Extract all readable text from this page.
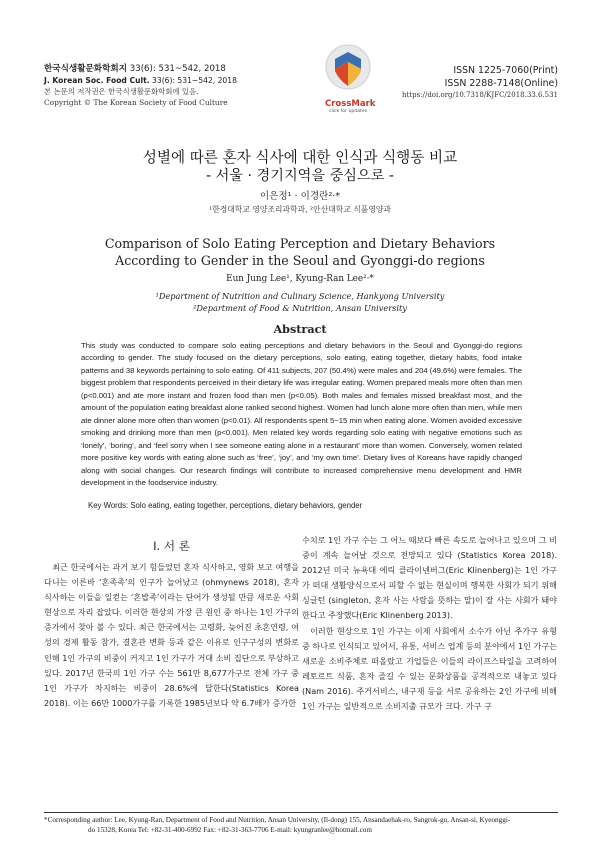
한국식생활문화학회지 33(6): 531~542, 2018
J. Korean Soc. Food Cult. 33(6): 531~542, 2018
본 논문의 저작권은 한국식생활문화학회에 있음.
Copyright © The Korean Society of Food Culture	CrossMark
click for updates
ISSN 1225-7060(Print)
ISSN 2288-7148(Online)
https://doi.org/10.7318/KJFC/2018.33.6.531
성별에 따른 혼자 식사에 대한 인식과 식행동 비교
- 서울 · 경기지역을 중심으로 -
이은정¹ · 이경란²·*
¹한경대학교 영양조리과학과, ²안산대학교 식품영양과
Comparison of Solo Eating Perception and Dietary Behaviors
According to Gender in the Seoul and Gyonggi-do regions
Eun Jung Lee¹, Kyung-Ran Lee²·*
¹Department of Nutrition and Culinary Science, Hankyong University
²Department of Food & Nutrition, Ansan University
Abstract

This study was conducted to compare solo eating perceptions and dietary behaviors in the Seoul and Gyonggi-do regions according to gender. The study focused on the dietary perceptions, solo eating, eating together, dietary habits, food intake patterns and 38 keywords pertaining to solo eating. Of 411 subjects, 207 (50.4%) were males and 204 (49.6%) were females. The biggest problem that respondents perceived in their dietary life was irregular eating. Women prepared meals more often than men (p<0.001) and ate more instant and frozen food than men (p<0.05). Both males and females missed breakfast most, and the amount of the population eating breakfast alone ranked second highest. Women had lunch alone more often than men, while men ate dinner alone more often than women (p<0.01). All respondents spent 5~15 min when eating alone. Women avoided excessive smoking and drinking more than men (p<0.001). Men related key words regarding solo eating with negative emotions such as ‘lonely’, ‘boring’, and ‘feel sorry when I see someone eating alone in a restaurant’ more than women. Conversely, women related more positive key words with eating alone such as ‘free’, ‘joy’, and ‘my own time’. Dietary lives of Koreans have rapidly changed along with social changes. Our research findings will contribute to increased comprehensive menu development and HMR development in the foodservice industry.

Key Words: Solo eating, eating together, perceptions, dietary behaviors, gender
I. 서 론

최근 한국에서는 과거 보기 힘들었던 혼자 식사하고, 영화 보고 여행을 다니는 이른바 ‘혼족족’의 인구가 늘어났고 (ohmynews 2018), 혼자 식사하는 이들을 일컫는 ‘혼밥족’이라는 단어가 생성될 만큼 새로운 사회현상으로 자리 잡았다. 이러한 현상의 가장 큰 원인 중 하나는 1인 가구의 증가에서 찾아 볼 수 있다. 최근 한국에서는 고령화, 늦어진 초혼연령, 여성의 경제 활동 참가, 결혼관 변화 등과 같은 이유로 인구구성의 변화로 인해 1인 가구의 비중이 커지고 1인 가구가 거대 소비 집단으로 부상하고 있다. 2017년 한국의 1인 가구 수는 561만 8,677가구로 전체 가구 중 1인 가구가 차지하는 비중이 28.6%에 달한다(Statistics Korea 2018). 이는 66만 1000가구를 기록한 1985년보다 약 6.7배가 증가한

수치로 1인 가구 수는 그 어느 때보다 빠른 속도로 늘어나고 있으며 그 비중이 계속 늘어날 것으로 전망되고 있다 (Statistics Korea 2018). 2012년 미국 뉴욕대 에릭 클라이넨버그(Eric Klinenberg)는 1인 가구가 떠대 생활양식으로서 피할 수 없는 현실이며 행복한 사회가 되기 위해 싱글턴 (singleton, 혼자 사는 사람을 뜻하는 말)이 잘 사는 사회가 돼야 한다고 주장했다(Eric Klinenberg 2013).

이러한 현상으로 1인 가구는 이제 사회에서 소수가 아닌 주가구 유형 중 하나로 인식되고 있어서, 유통, 서비스 업계 등의 분야에서 1인 가구는 새로운 소비주체로 떠올랐고 기업들은 이들의 라이프스타일을 고려하여 레토르트 식품, 혼자 즐길 수 있는 문화상품을 공격적으로 내놓고 있다(Nam 2016). 주거서비스, 내구재 등을 서로 공유하는 2인 가구에 비해 1인 가구는 일반적으로 소비지출 규모가 크다. 가구 구

*Corresponding author: Lee, Kyung-Ran, Department of Food and Nutrition, Ansan University, (Il-dong) 155, Ansandaehak-ro, Sangrok-gu, Ansan-si, Kyeonggi-
do 15328, Korea Tel: +82-31-400-6992 Fax: +82-31-363-7706 E-mail: kyungranlee@hotmail.com
